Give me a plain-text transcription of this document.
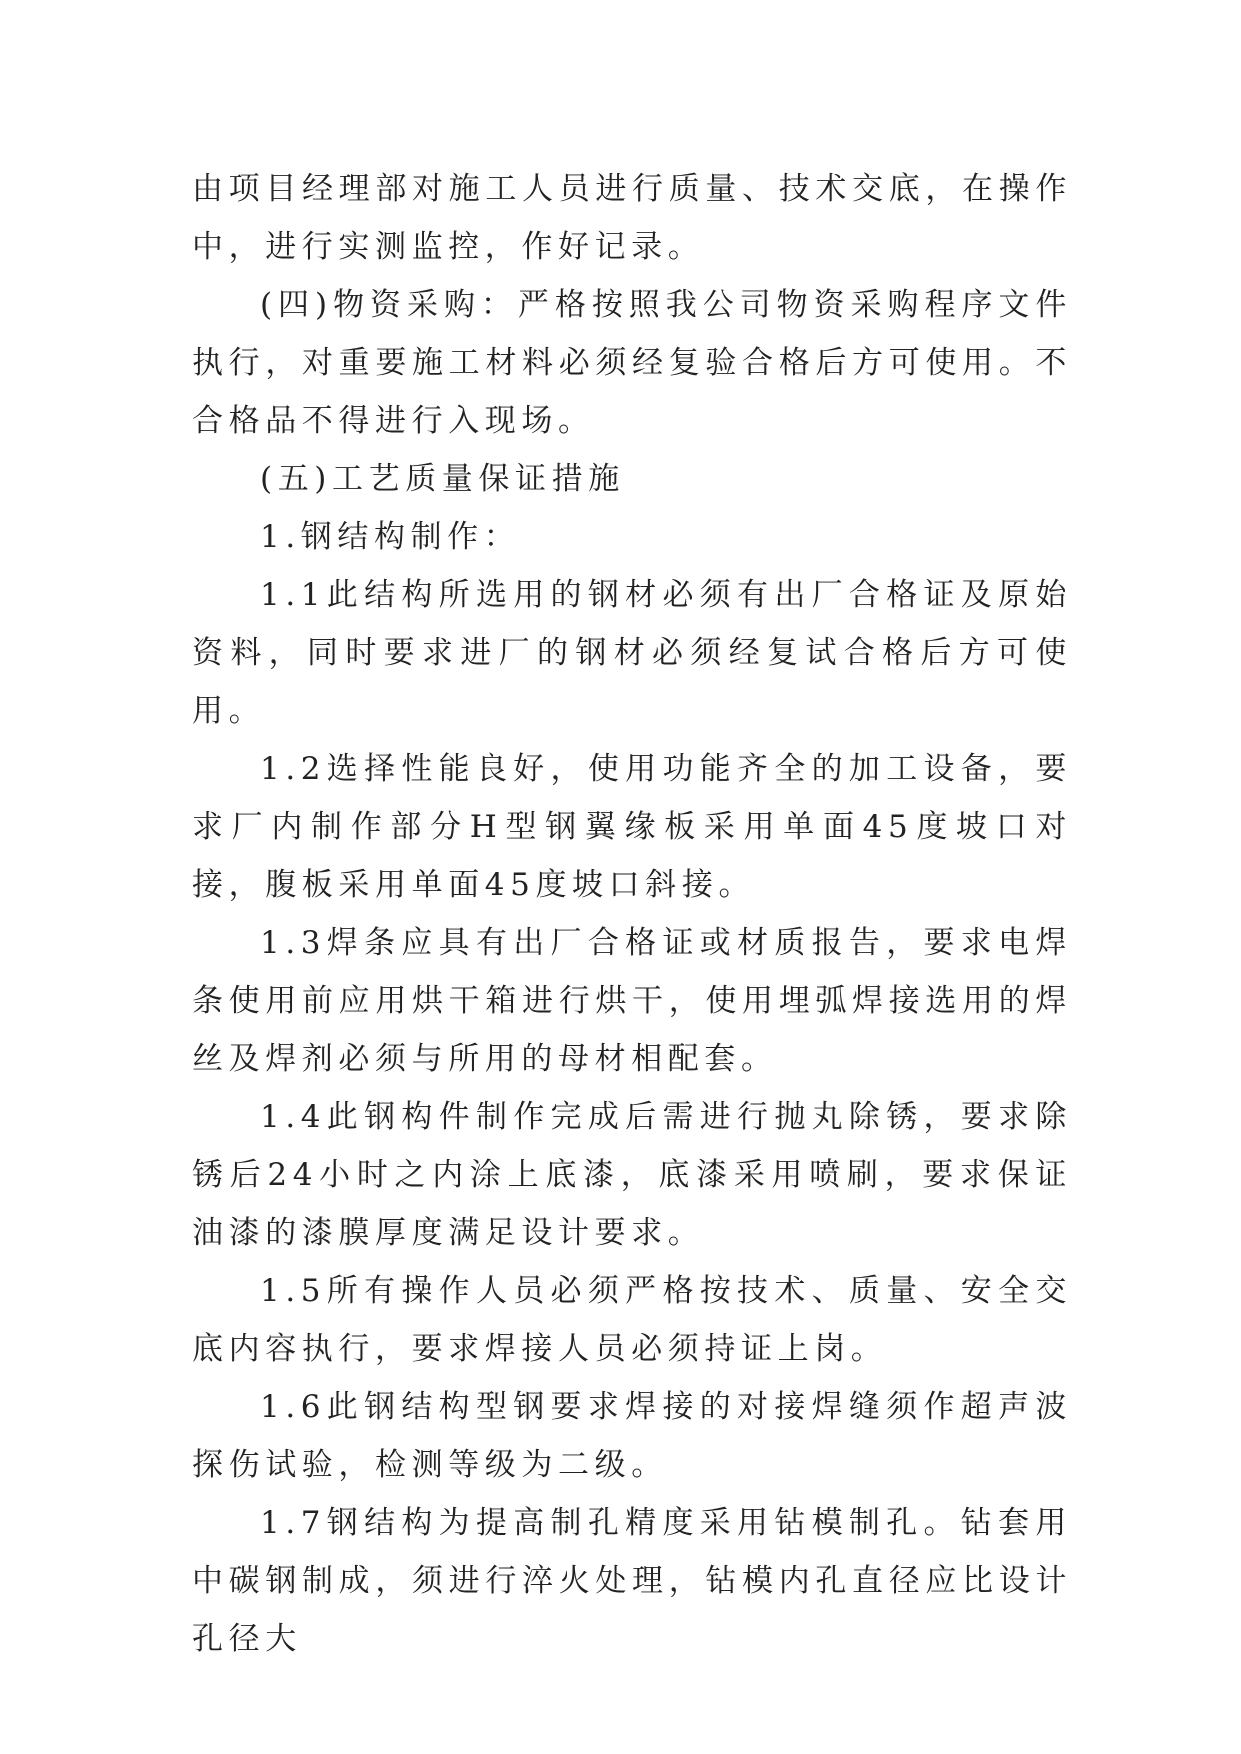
由项目经理部对施工人员进行质量、技术交底，在操作中，进行实测监控，作好记录。

(四)物资采购：严格按照我公司物资采购程序文件执行，对重要施工材料必须经复验合格后方可使用。不合格品不得进行入现场。

(五)工艺质量保证措施

1.钢结构制作：

1.1此结构所选用的钢材必须有出厂合格证及原始资料，同时要求进厂的钢材必须经复试合格后方可使用。

1.2选择性能良好，使用功能齐全的加工设备，要求厂内制作部分H型钢翼缘板采用单面45度坡口对接，腹板采用单面45度坡口斜接。

1.3焊条应具有出厂合格证或材质报告，要求电焊条使用前应用烘干箱进行烘干，使用埋弧焊接选用的焊丝及焊剂必须与所用的母材相配套。

1.4此钢构件制作完成后需进行抛丸除锈，要求除锈后24小时之内涂上底漆，底漆采用喷刷，要求保证油漆的漆膜厚度满足设计要求。

1.5所有操作人员必须严格按技术、质量、安全交底内容执行，要求焊接人员必须持证上岗。

1.6此钢结构型钢要求焊接的对接焊缝须作超声波探伤试验，检测等级为二级。

1.7钢结构为提高制孔精度采用钻模制孔。钻套用中碳钢制成，须进行淬火处理，钻模内孔直径应比设计孔径大
